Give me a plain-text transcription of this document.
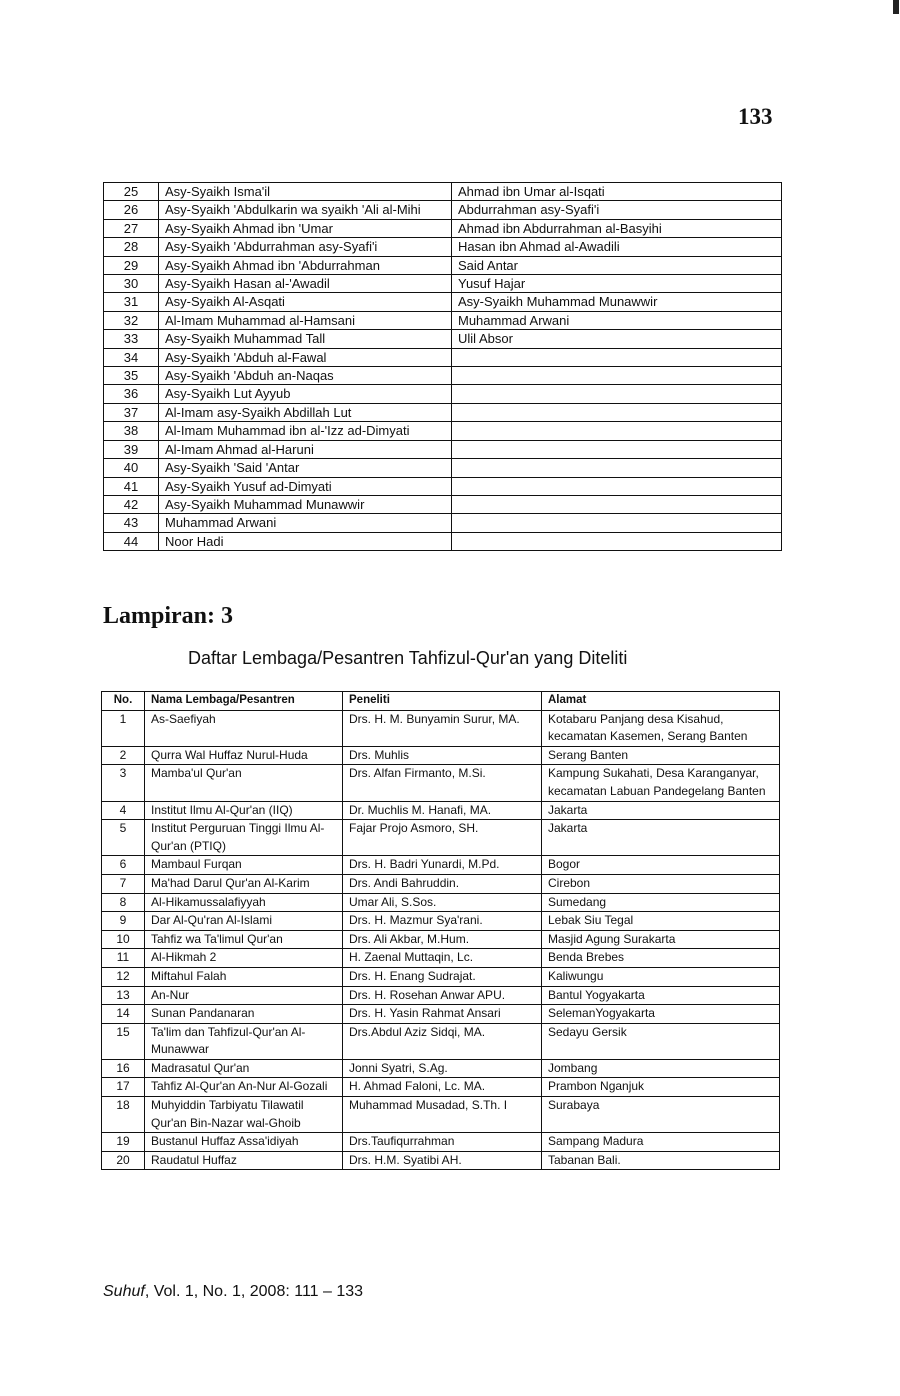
133
25	Asy-Syaikh Isma'il	Ahmad ibn Umar al-Isqati
26	Asy-Syaikh 'Abdulkarin wa syaikh 'Ali al-Mihi	Abdurrahman asy-Syafi'i
27	Asy-Syaikh Ahmad ibn 'Umar	Ahmad ibn Abdurrahman al-Basyihi
28	Asy-Syaikh 'Abdurrahman asy-Syafi'i	Hasan ibn Ahmad al-Awadili
29	Asy-Syaikh Ahmad ibn 'Abdurrahman	Said Antar
30	Asy-Syaikh Hasan al-'Awadil	Yusuf Hajar
31	Asy-Syaikh Al-Asqati	Asy-Syaikh Muhammad Munawwir
32	Al-Imam Muhammad al-Hamsani	Muhammad Arwani
33	Asy-Syaikh Muhammad Tall	Ulil Absor
34	Asy-Syaikh 'Abduh al-Fawal	
35	Asy-Syaikh 'Abduh an-Naqas	
36	Asy-Syaikh Lut Ayyub	
37	Al-Imam asy-Syaikh Abdillah Lut	
38	Al-Imam Muhammad ibn al-'Izz ad-Dimyati	
39	Al-Imam Ahmad al-Haruni	
40	Asy-Syaikh 'Said 'Antar	
41	Asy-Syaikh Yusuf ad-Dimyati	
42	Asy-Syaikh Muhammad Munawwir	
43	Muhammad Arwani	
44	Noor Hadi	
Lampiran: 3
Daftar Lembaga/Pesantren Tahfizul-Qur'an yang Diteliti
No.	Nama Lembaga/Pesantren	Peneliti	Alamat
1	As-Saefiyah	Drs. H. M. Bunyamin Surur, MA.	Kotabaru Panjang desa Kisahud, kecamatan Kasemen, Serang Banten
2	Qurra Wal Huffaz Nurul-Huda	Drs. Muhlis	Serang Banten
3	Mamba'ul Qur'an	Drs. Alfan Firmanto, M.Si.	Kampung Sukahati, Desa Karanganyar, kecamatan Labuan Pandegelang Banten
4	Institut Ilmu Al-Qur'an (IIQ)	Dr. Muchlis M. Hanafi, MA.	Jakarta
5	Institut Perguruan Tinggi Ilmu Al-Qur'an (PTIQ)	Fajar Projo Asmoro, SH.	Jakarta
6	Mambaul Furqan	Drs. H. Badri Yunardi, M.Pd.	Bogor
7	Ma'had Darul Qur'an Al-Karim	Drs. Andi Bahruddin.	Cirebon
8	Al-Hikamussalafiyyah	Umar Ali, S.Sos.	Sumedang
9	Dar Al-Qu'ran Al-Islami	Drs. H. Mazmur Sya'rani.	Lebak Siu Tegal
10	Tahfiz wa Ta'limul Qur'an	Drs. Ali Akbar, M.Hum.	Masjid Agung Surakarta
11	Al-Hikmah 2	H. Zaenal Muttaqin, Lc.	Benda Brebes
12	Miftahul Falah	Drs. H. Enang Sudrajat.	Kaliwungu
13	An-Nur	Drs. H. Rosehan Anwar APU.	Bantul Yogyakarta
14	Sunan Pandanaran	Drs. H. Yasin Rahmat Ansari	SelemanYogyakarta
15	Ta'lim dan Tahfizul-Qur'an Al-Munawwar	Drs.Abdul Aziz Sidqi, MA.	Sedayu Gersik
16	Madrasatul Qur'an	Jonni Syatri, S.Ag.	Jombang
17	Tahfiz Al-Qur'an An-Nur Al-Gozali	H. Ahmad Faloni, Lc. MA.	Prambon Nganjuk
18	Muhyiddin Tarbiyatu Tilawatil Qur'an Bin-Nazar wal-Ghoib	Muhammad Musadad, S.Th. I	Surabaya
19	Bustanul Huffaz Assa'idiyah	Drs.Taufiqurrahman	Sampang Madura
20	Raudatul Huffaz	Drs. H.M. Syatibi AH.	Tabanan Bali.
Suhuf, Vol. 1, No. 1, 2008: 111 – 133
